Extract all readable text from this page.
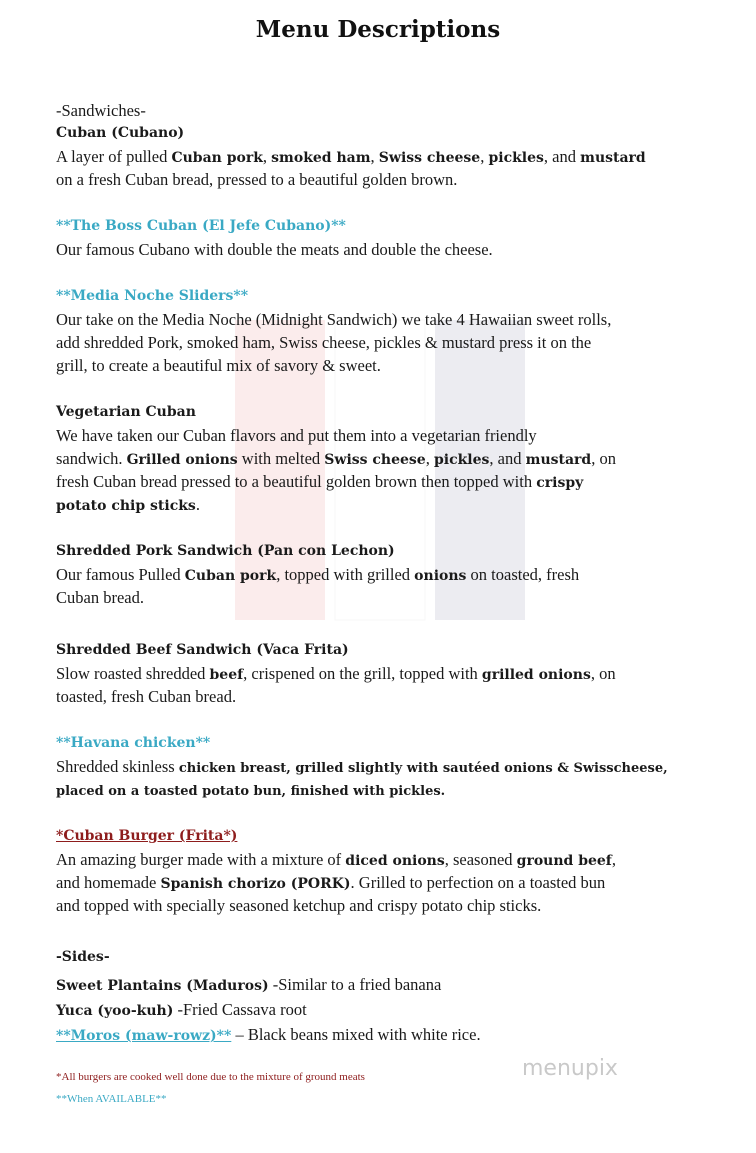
Menu Descriptions
-Sandwiches-
Cuban (Cubano)
A layer of pulled Cuban pork, smoked ham, Swiss cheese, pickles, and mustard
on a fresh Cuban bread, pressed to a beautiful golden brown.
**The Boss Cuban (El Jefe Cubano)**
Our famous Cubano with double the meats and double the cheese.
**Media Noche Sliders**
Our take on the Media Noche (Midnight Sandwich) we take 4 Hawaiian sweet rolls,
add shredded Pork, smoked ham, Swiss cheese, pickles & mustard press it on the
grill, to create a beautiful mix of savory & sweet.
Vegetarian Cuban
We have taken our Cuban flavors and put them into a vegetarian friendly
sandwich. Grilled onions with melted Swiss cheese, pickles, and mustard, on
fresh Cuban bread pressed to a beautiful golden brown then topped with crispy
potato chip sticks.
Shredded Pork Sandwich (Pan con Lechon)
Our famous Pulled Cuban pork, topped with grilled onions on toasted, fresh
Cuban bread.
Shredded Beef Sandwich (Vaca Frita)
Slow roasted shredded beef, crispened on the grill, topped with grilled onions, on
toasted, fresh Cuban bread.
**Havana chicken**
Shredded skinless chicken breast, grilled slightly with sautéed onions & Swisscheese,
placed on a toasted potato bun, finished with pickles.
*Cuban Burger (Frita*)
An amazing burger made with a mixture of diced onions, seasoned ground beef,
and homemade Spanish chorizo (PORK). Grilled to perfection on a toasted bun
and topped with specially seasoned ketchup and crispy potato chip sticks.
-Sides-
Sweet Plantains (Maduros) -Similar to a fried banana
Yuca (yoo-kuh) -Fried Cassava root
**Moros (maw-rowz)** – Black beans mixed with white rice.
*All burgers are cooked well done due to the mixture of ground meats
**When AVAILABLE**
menupix
